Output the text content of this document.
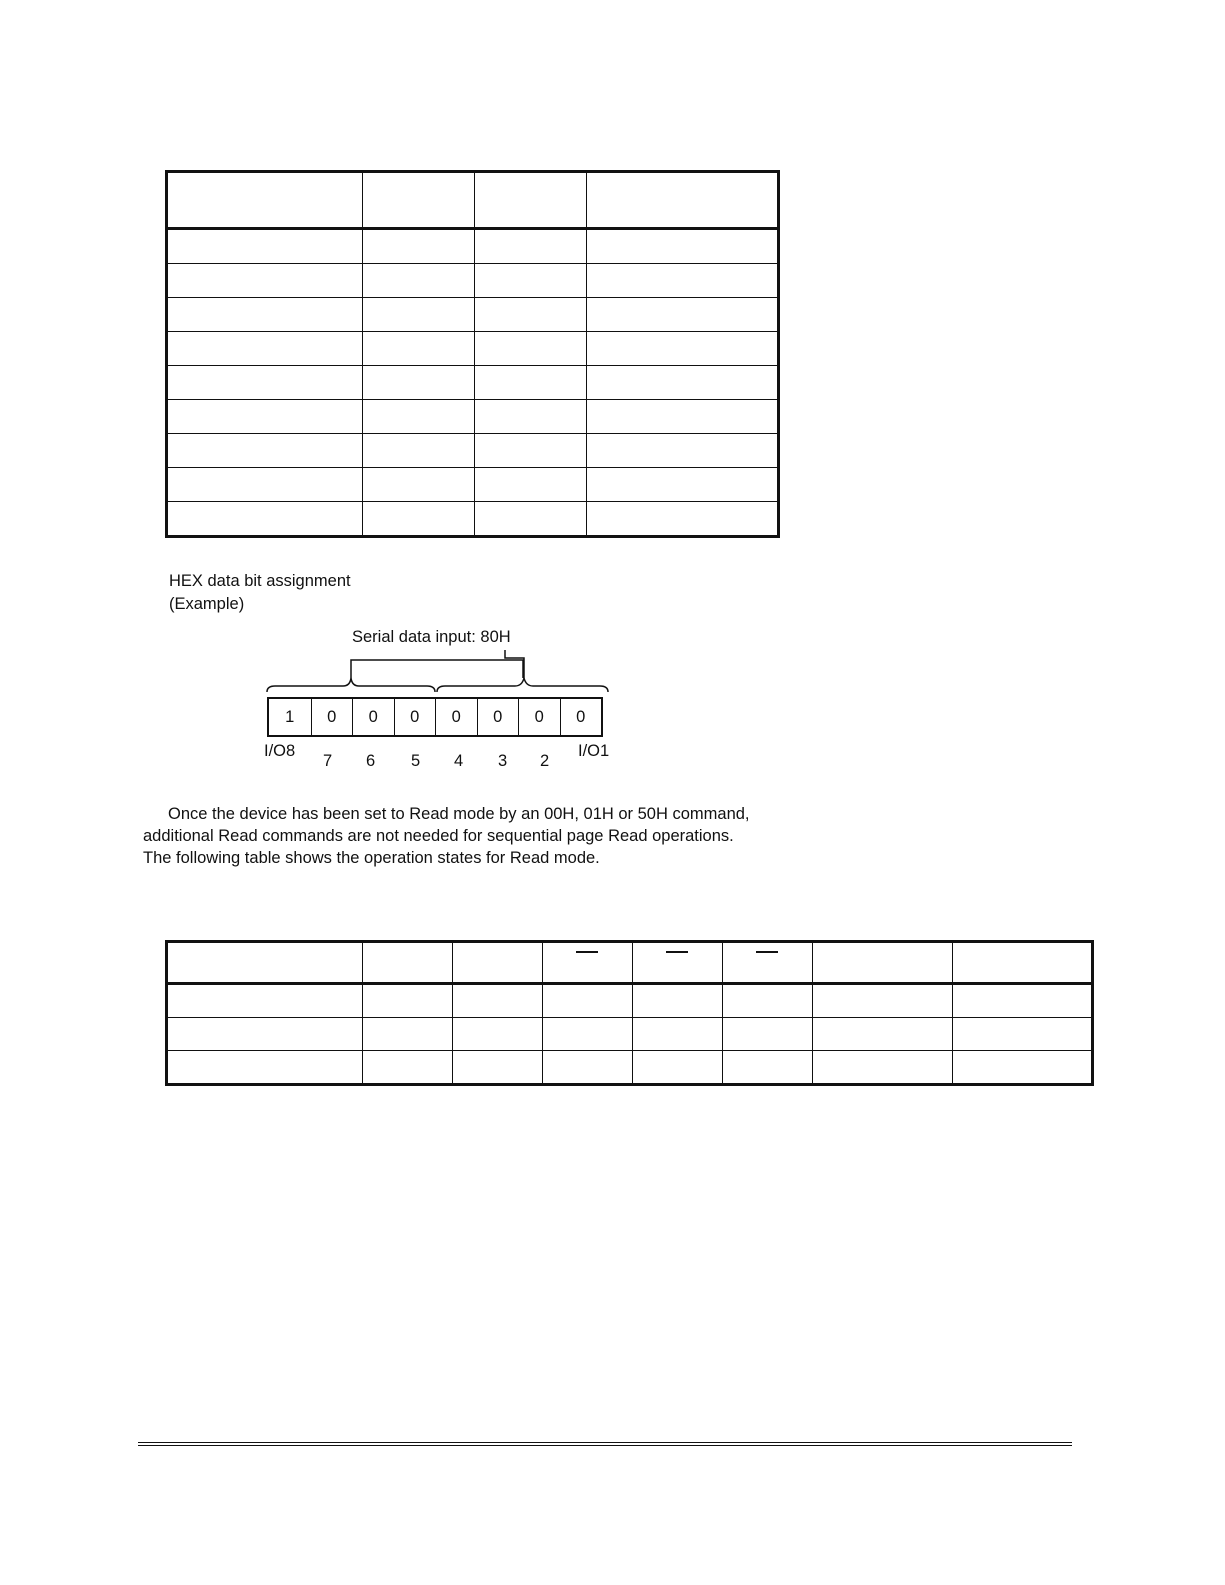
HEX data bit assignment
(Example)
Serial data input: 80H
1	0	0	0	0	0	0	0
I/O8
7 6 5 4 3 2
I/O1
Once the device has been set to Read mode by an 00H, 01H or 50H command,
additional Read commands are not needed for sequential page Read operations.
The following table shows the operation states for Read mode.
